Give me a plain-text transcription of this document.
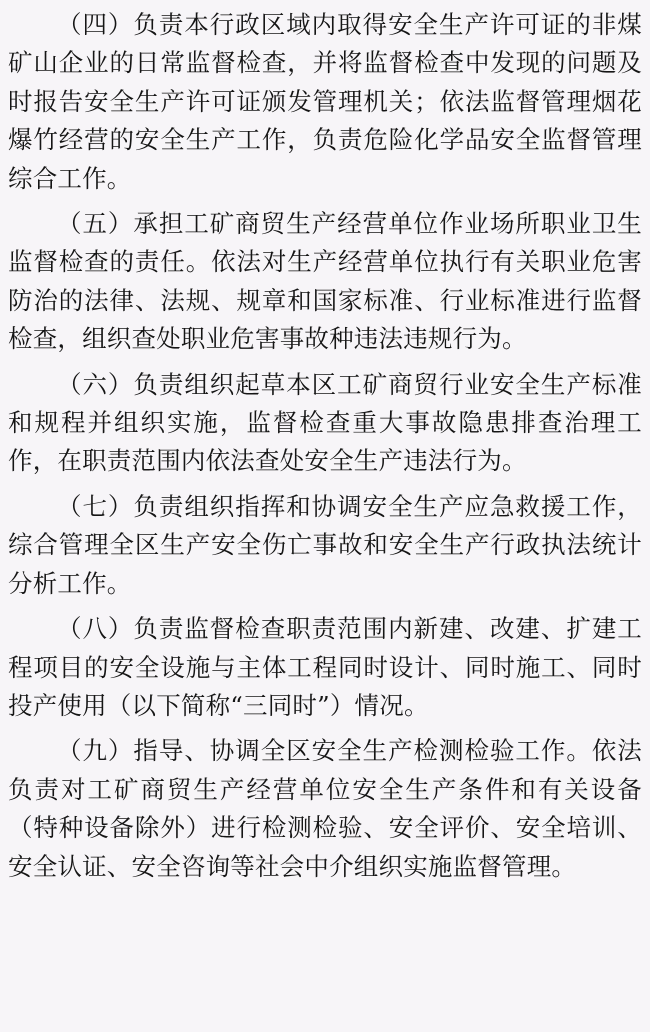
（四）负责本行政区域内取得安全生产许可证的非煤矿山企业的日常监督检查，并将监督检查中发现的问题及时报告安全生产许可证颁发管理机关；依法监督管理烟花爆竹经营的安全生产工作，负责危险化学品安全监督管理综合工作。

（五）承担工矿商贸生产经营单位作业场所职业卫生监督检查的责任。依法对生产经营单位执行有关职业危害防治的法律、法规、规章和国家标准、行业标准进行监督检查，组织查处职业危害事故种违法违规行为。

（六）负责组织起草本区工矿商贸行业安全生产标准和规程并组织实施，监督检查重大事故隐患排查治理工作，在职责范围内依法查处安全生产违法行为。

（七）负责组织指挥和协调安全生产应急救援工作，综合管理全区生产安全伤亡事故和安全生产行政执法统计分析工作。

（八）负责监督检查职责范围内新建、改建、扩建工程项目的安全设施与主体工程同时设计、同时施工、同时投产使用（以下简称“三同时”）情况。

（九）指导、协调全区安全生产检测检验工作。依法负责对工矿商贸生产经营单位安全生产条件和有关设备（特种设备除外）进行检测检验、安全评价、安全培训、安全认证、安全咨询等社会中介组织实施监督管理。
